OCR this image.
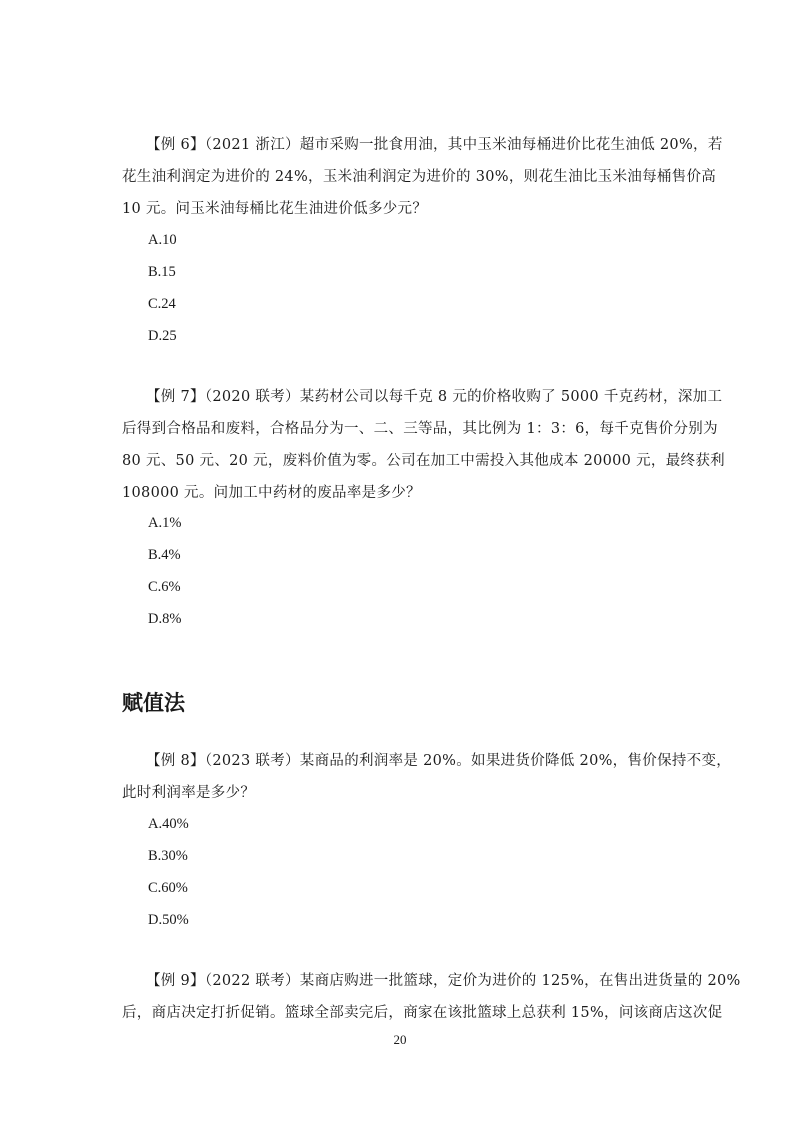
【例 6】（2021 浙江）超市采购一批食用油，其中玉米油每桶进价比花生油低 20%，若
花生油利润定为进价的 24%，玉米油利润定为进价的 30%，则花生油比玉米油每桶售价高
10 元。问玉米油每桶比花生油进价低多少元？
A.10
B.15
C.24
D.25
【例 7】（2020 联考）某药材公司以每千克 8 元的价格收购了 5000 千克药材，深加工
后得到合格品和废料，合格品分为一、二、三等品，其比例为 1：3：6，每千克售价分别为
80 元、50 元、20 元，废料价值为零。公司在加工中需投入其他成本 20000 元，最终获利
108000 元。问加工中药材的废品率是多少？
A.1%
B.4%
C.6%
D.8%
赋值法
【例 8】（2023 联考）某商品的利润率是 20%。如果进货价降低 20%，售价保持不变，
此时利润率是多少？
A.40%
B.30%
C.60%
D.50%
【例 9】（2022 联考）某商店购进一批篮球，定价为进价的 125%，在售出进货量的 20%
后，商店决定打折促销。篮球全部卖完后，商家在该批篮球上总获利 15%，问该商店这次促
20
